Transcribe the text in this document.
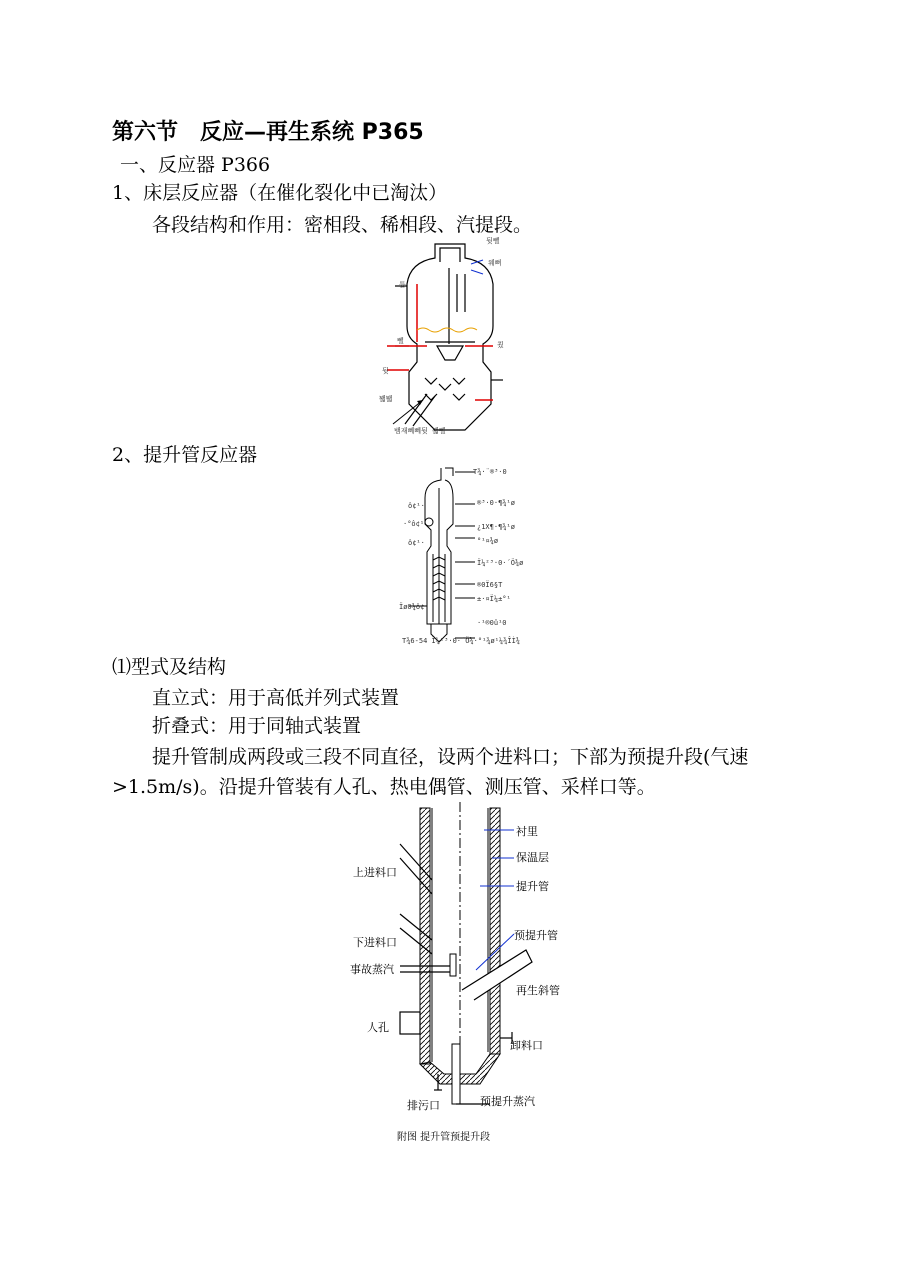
第六节　反应—再生系统 P365
一、反应器 P366
1、床层反应器（在催化裂化中已淘汰）
各段结构和作用：密相段、稀相段、汽提段。
뒷뺼
웨뼈
튵
뺼	쾼
뒷
뫫뫫
뱀재뻬뻬뒷 뫫뺼
2、提升管反应器
T¾·¨®³·0
®³·0·¶¾¹ø
ô¢¹·
·°ô¢¹	¿1X¶·¶¾¹ø
°¹¤¾ø
ô¢¹·
Ï¼²³·0·´Ö¾ø
®0Ï6§T
±·¤Ï¼±°¹
Ïø0¾ô¢
·¹®0û¹0
T¾6-54 Ï¼²³·0·´Ö¾·°¹¾ø¹¼¾ÎÌ¾
⑴型式及结构
直立式：用于高低并列式装置
折叠式：用于同轴式装置
提升管制成两段或三段不同直径，设两个进料口；下部为预提升段(气速
>1.5m/s)。沿提升管装有人孔、热电偶管、测压管、采样口等。
衬里
保温层
上进料口
提升管
预提升管
下进料口
事故蒸汽
再生斜管
人孔
卸料口
排污口	预提升蒸汽
附图 提升管预提升段
